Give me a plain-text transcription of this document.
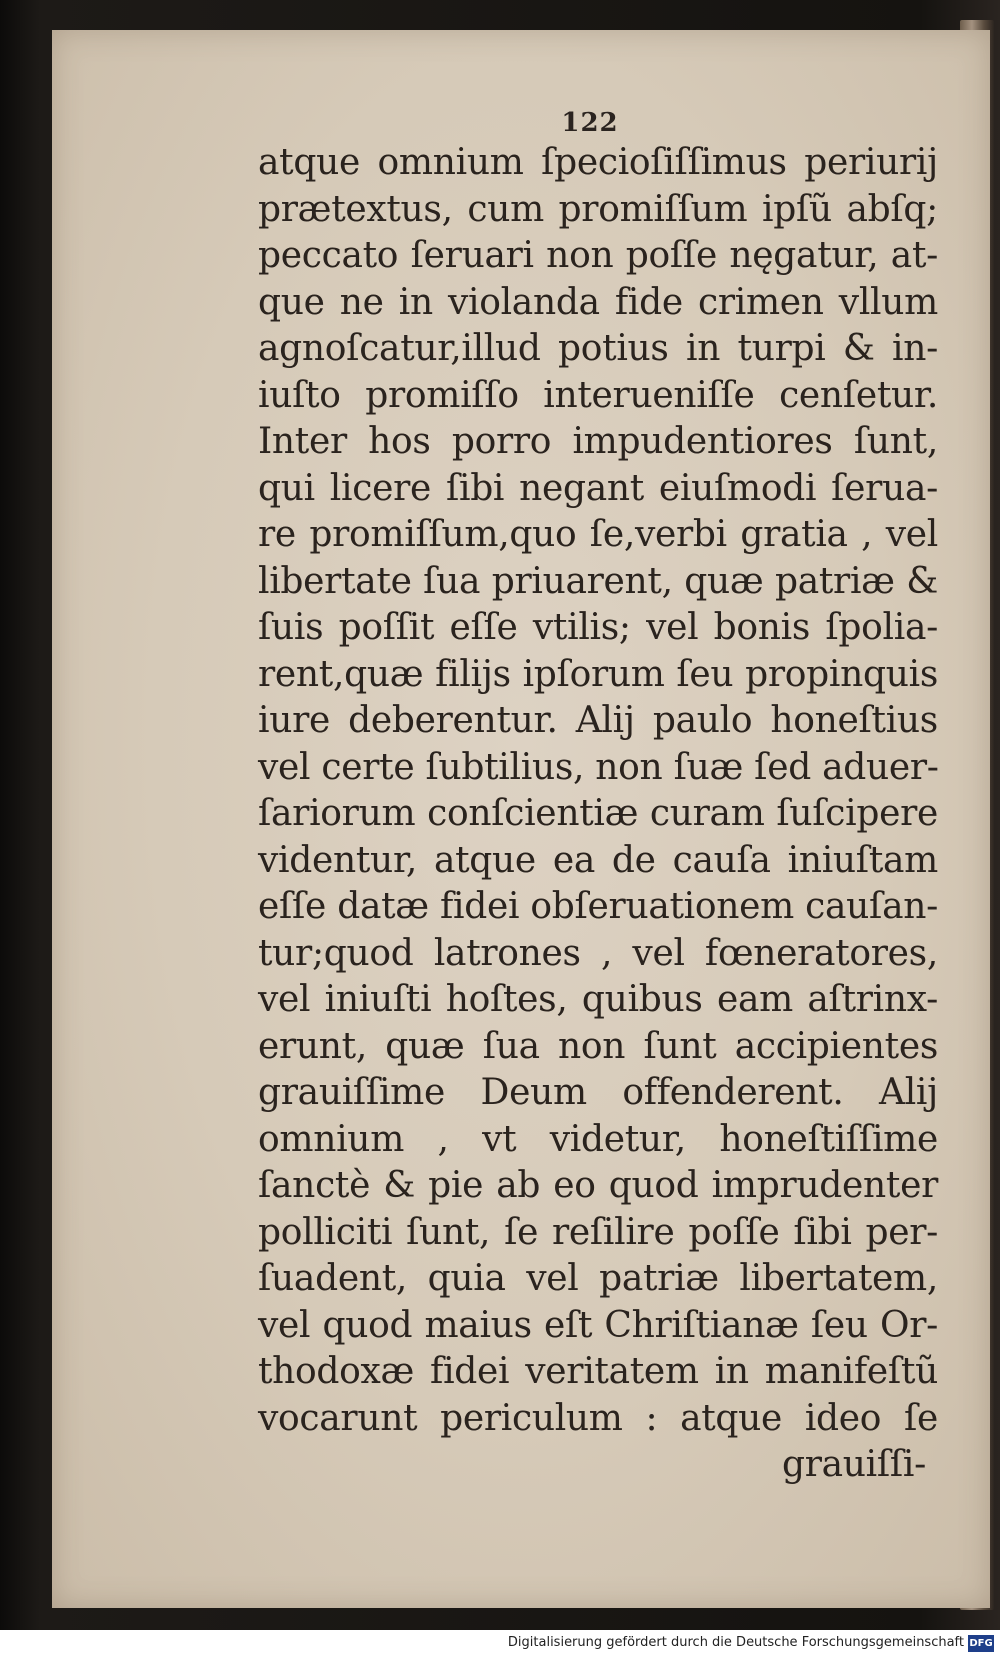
122
atque omnium ſpecioſiſſimus periurij
prætextus, cum promiſſum ipſũ abſq;
peccato ſeruari non poſſe nęgatur, at-
que ne in violanda fide crimen vllum
agnoſcatur,illud potius in turpi & in-
iuſto promiſſo interueniſſe cenſetur.
Inter hos porro impudentiores ſunt,
qui licere ſibi negant eiuſmodi ſerua-
re promiſſum,quo ſe,verbi gratia , vel
libertate ſua priuarent, quæ patriæ &
ſuis poſſit eſſe vtilis; vel bonis ſpolia-
rent,quæ filijs ipſorum ſeu propinquis
iure deberentur. Alij paulo honeſtius
vel certe ſubtilius, non ſuæ ſed aduer-
ſariorum conſcientiæ curam ſuſcipere
videntur, atque ea de cauſa iniuſtam
eſſe datæ fidei obſeruationem cauſan-
tur;quod latrones , vel fœneratores,
vel iniuſti hoſtes, quibus eam aſtrinx-
erunt, quæ ſua non ſunt accipientes
grauiſſime Deum offenderent. Alij
omnium , vt videtur, honeſtiſſime
ſanctè & pie ab eo quod imprudenter
polliciti ſunt, ſe reſilire poſſe ſibi per-
ſuadent, quia vel patriæ libertatem,
vel quod maius eſt Chriſtianæ ſeu Or-
thodoxæ fidei veritatem in manifeſtũ
vocarunt periculum : atque ideo ſe
grauiſſi-
Digitalisierung gefördert durch die Deutsche Forschungsgemeinschaft DFG
